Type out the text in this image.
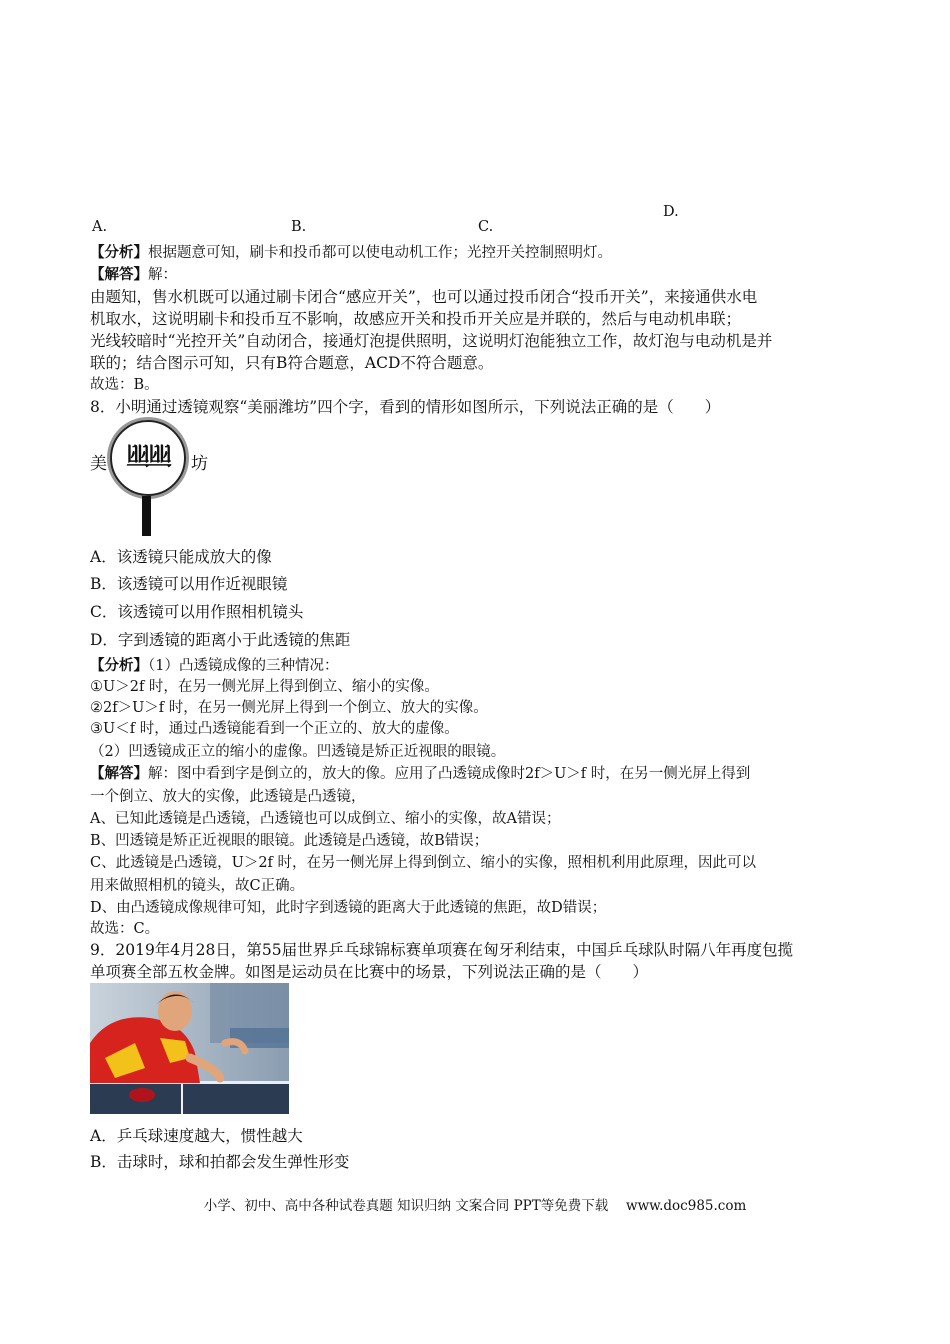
A.	B.	C.
D.
【分析】根据题意可知，刷卡和投币都可以使电动机工作；光控开关控制照明灯。
【解答】解：
由题知，售水机既可以通过刷卡闭合“感应开关”，也可以通过投币闭合“投币开关”，来接通供水电
机取水，这说明刷卡和投币互不影响，故感应开关和投币开关应是并联的，然后与电动机串联；
光线较暗时“光控开关”自动闭合，接通灯泡提供照明，这说明灯泡能独立工作，故灯泡与电动机是并
联的；结合图示可知，只有B符合题意，ACD不符合题意。
故选：B。
8．小明通过透镜观察“美丽潍坊”四个字，看到的情形如图所示，下列说法正确的是（　　）
美	坊
丽丽
A．该透镜只能成放大的像
B．该透镜可以用作近视眼镜
C．该透镜可以用作照相机镜头
D．字到透镜的距离小于此透镜的焦距
【分析】（1）凸透镜成像的三种情况：
①U＞2f 时，在另一侧光屏上得到倒立、缩小的实像。
②2f＞U＞f 时，在另一侧光屏上得到一个倒立、放大的实像。
③U＜f 时，通过凸透镜能看到一个正立的、放大的虚像。
（2）凹透镜成正立的缩小的虚像。凹透镜是矫正近视眼的眼镜。
【解答】解：图中看到字是倒立的，放大的像。应用了凸透镜成像时2f＞U＞f 时，在另一侧光屏上得到
一个倒立、放大的实像，此透镜是凸透镜，
A、已知此透镜是凸透镜，凸透镜也可以成倒立、缩小的实像，故A错误；
B、凹透镜是矫正近视眼的眼镜。此透镜是凸透镜，故B错误；
C、此透镜是凸透镜，U＞2f 时，在另一侧光屏上得到倒立、缩小的实像，照相机利用此原理，因此可以
用来做照相机的镜头，故C正确。
D、由凸透镜成像规律可知，此时字到透镜的距离大于此透镜的焦距，故D错误；
故选：C。
9．2019年4月28日，第55届世界乒乓球锦标赛单项赛在匈牙利结束，中国乒乓球队时隔八年再度包揽
单项赛全部五枚金牌。如图是运动员在比赛中的场景，下列说法正确的是（　　）
A．乒乓球速度越大，惯性越大
B．击球时，球和拍都会发生弹性形变
小学、初中、高中各种试卷真题 知识归纳 文案合同 PPT等免费下载　 www.doc985.com
